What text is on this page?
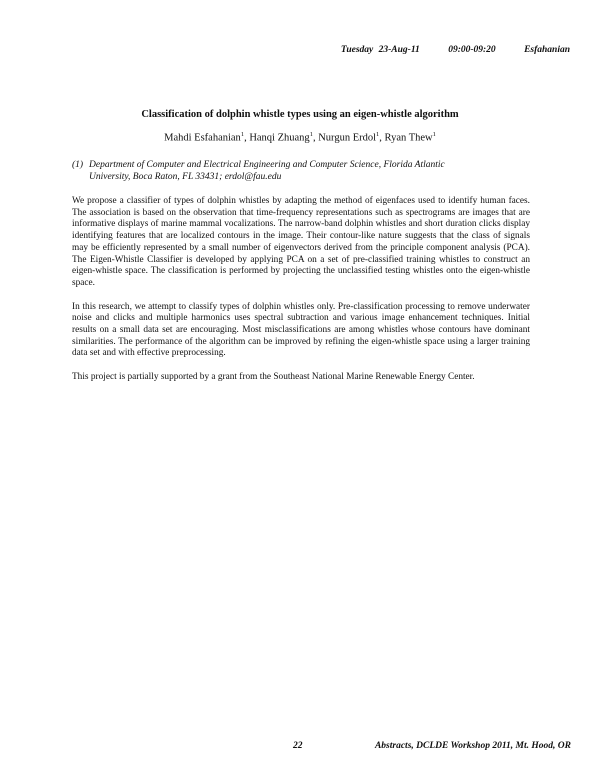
Tuesday 23-Aug-11	09:00-09:20	Esfahanian
Classification of dolphin whistle types using an eigen-whistle algorithm
Mahdi Esfahanian$^1$, Hanqi Zhuang$^1$, Nurgun Erdol$^1$, Ryan Thew$^1$
(1) Department of Computer and Electrical Engineering and Computer Science, Florida Atlantic
University, Boca Raton, FL 33431; erdol@fau.edu

We propose a classifier of types of dolphin whistles by adapting the method of eigenfaces used to identify human faces. The association is based on the observation that time-frequency representations such as spectrograms are images that are informative displays of marine mammal vocalizations. The narrow-band dolphin whistles and short duration clicks display identifying features that are localized contours in the image. Their contour-like nature suggests that the class of signals may be efficiently represented by a small number of eigenvectors derived from the principle component analysis (PCA). The Eigen-Whistle Classifier is developed by applying PCA on a set of pre-classified training whistles to construct an eigen-whistle space. The classification is performed by projecting the unclassified testing whistles onto the eigen-whistle space.

In this research, we attempt to classify types of dolphin whistles only. Pre-classification processing to remove underwater noise and clicks and multiple harmonics uses spectral subtraction and various image enhancement techniques. Initial results on a small data set are encouraging. Most misclassifications are among whistles whose contours have dominant similarities. The performance of the algorithm can be improved by refining the eigen-whistle space using a larger training data set and with effective preprocessing.

This project is partially supported by a grant from the Southeast National Marine Renewable Energy Center.

22	Abstracts, DCLDE Workshop 2011, Mt. Hood, OR
